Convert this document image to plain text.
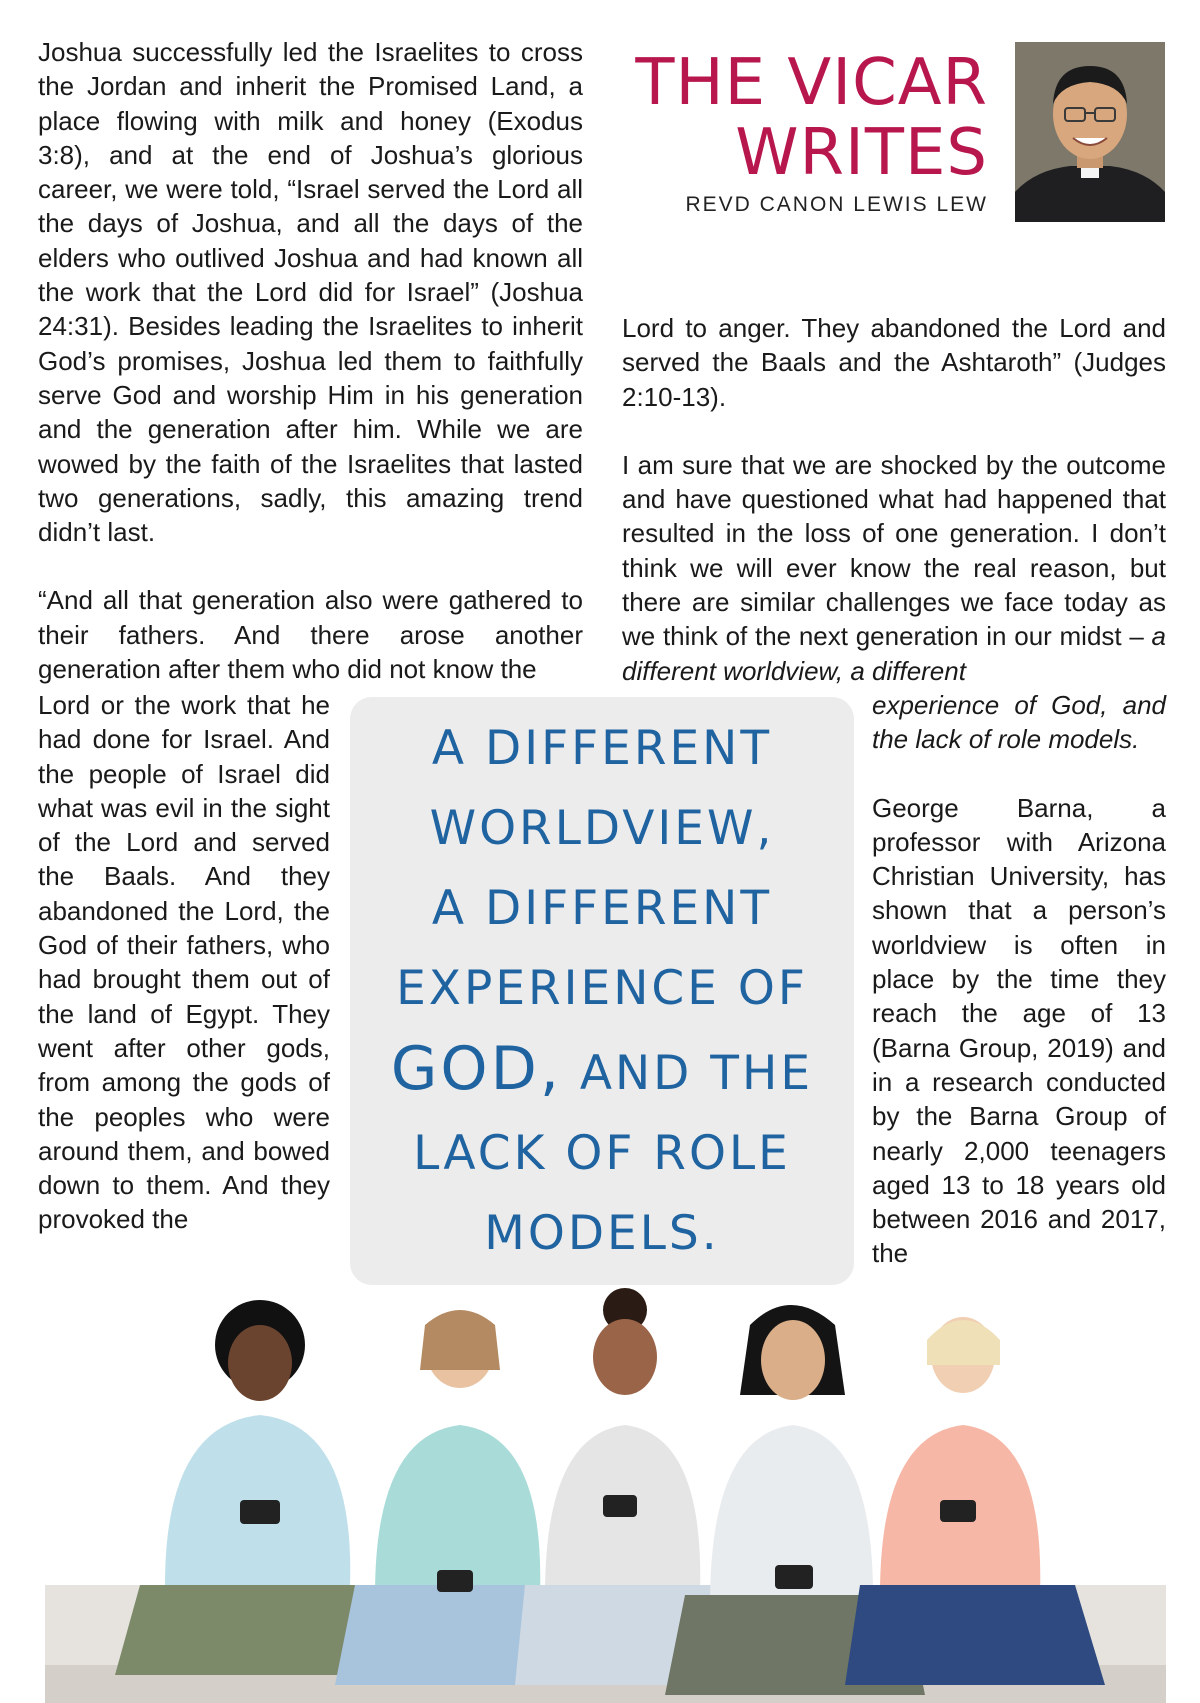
THE VICAR
WRITES

REVD CANON LEWIS LEW

Joshua successfully led the Israelites to cross the Jordan and inherit the Promised Land, a place flowing with milk and honey (Exodus 3:8), and at the end of Joshua’s glorious career, we were told, “Israel served the Lord all the days of Joshua, and all the days of the elders who outlived Joshua and had known all the work that the Lord did for Israel” (Joshua 24:31). Besides leading the Israelites to inherit God’s promises, Joshua led them to faithfully serve God and worship Him in his generation and the generation after him. While we are wowed by the faith of the Israelites that lasted two generations, sadly, this amazing trend didn’t last.

“And all that generation also were gathered to their fathers. And there arose another generation after them who did not know the

Lord or the work that he had done for Israel. And the people of Israel did what was evil in the sight of the Lord and served the Baals. And they abandoned the Lord, the God of their fathers, who had brought them out of the land of Egypt. They went after other gods, from among the gods of the peoples who were around them, and bowed down to them. And they provoked the

Lord to anger. They abandoned the Lord and served the Baals and the Ashtaroth” (Judges 2:10-13).

I am sure that we are shocked by the outcome and have questioned what had happened that resulted in the loss of one generation. I don’t think we will ever know the real reason, but there are similar challenges we face today as we think of the next generation in our midst – a different worldview, a different

experience of God, and the lack of role models.

George Barna, a professor with Arizona Christian University, has shown that a person’s worldview is often in place by the time they reach the age of 13 (Barna Group, 2019) and in a research conducted by the Barna Group of nearly 2,000 teenagers aged 13 to 18 years old between 2016 and 2017, the

A DIFFERENT
WORLDVIEW,
A DIFFERENT
EXPERIENCE OF
GOD, AND THE
LACK OF ROLE
MODELS.
